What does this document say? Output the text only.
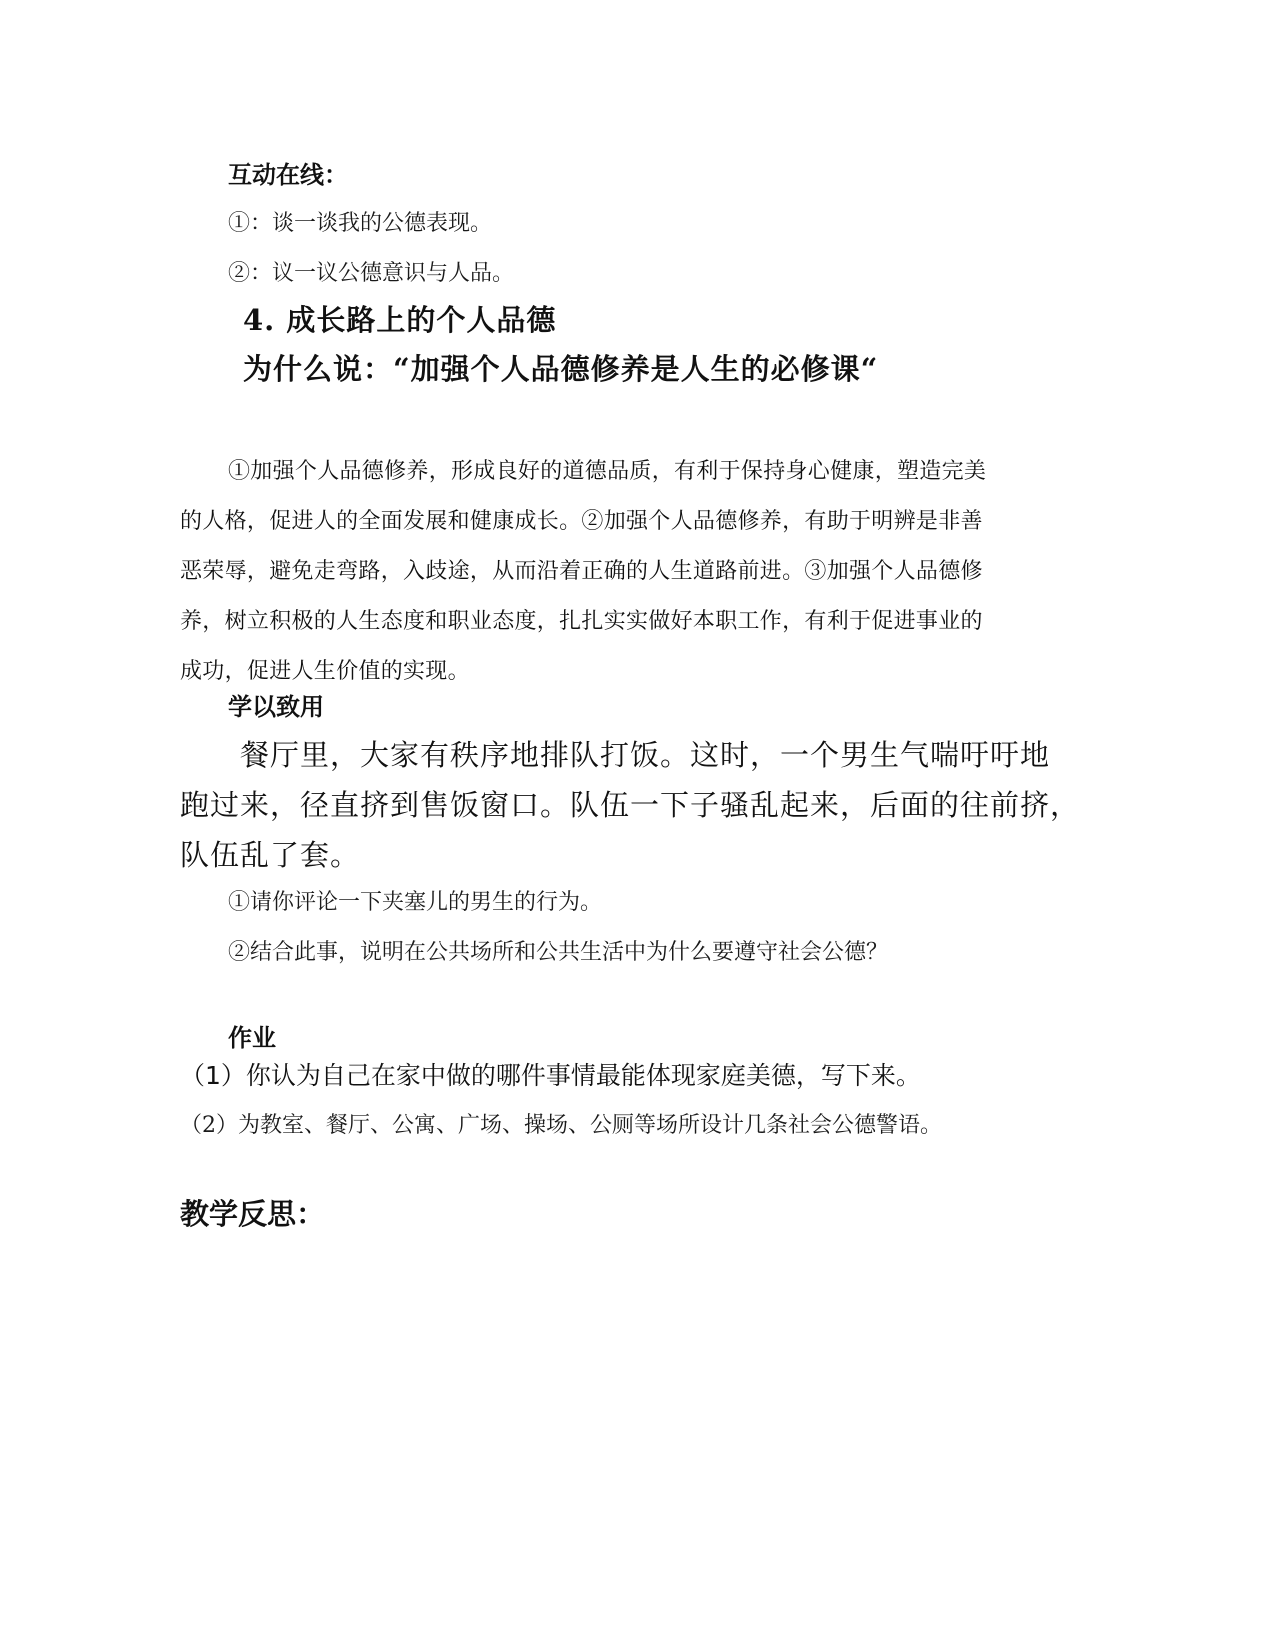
互动在线：
①：谈一谈我的公德表现。
②：议一议公德意识与人品。
4. 成长路上的个人品德
为什么说：“加强个人品德修养是人生的必修课“
①加强个人品德修养，形成良好的道德品质，有利于保持身心健康，塑造完美
的人格，促进人的全面发展和健康成长。②加强个人品德修养，有助于明辨是非善
恶荣辱，避免走弯路，入歧途，从而沿着正确的人生道路前进。③加强个人品德修
养，树立积极的人生态度和职业态度，扎扎实实做好本职工作，有利于促进事业的
成功，促进人生价值的实现。
学以致用
餐厅里，大家有秩序地排队打饭。这时，一个男生气喘吁吁地
跑过来，径直挤到售饭窗口。队伍一下子骚乱起来，后面的往前挤，
队伍乱了套。
①请你评论一下夹塞儿的男生的行为。
②结合此事，说明在公共场所和公共生活中为什么要遵守社会公德？
作业
（1）你认为自己在家中做的哪件事情最能体现家庭美德，写下来。
（2）为教室、餐厅、公寓、广场、操场、公厕等场所设计几条社会公德警语。
教学反思：
